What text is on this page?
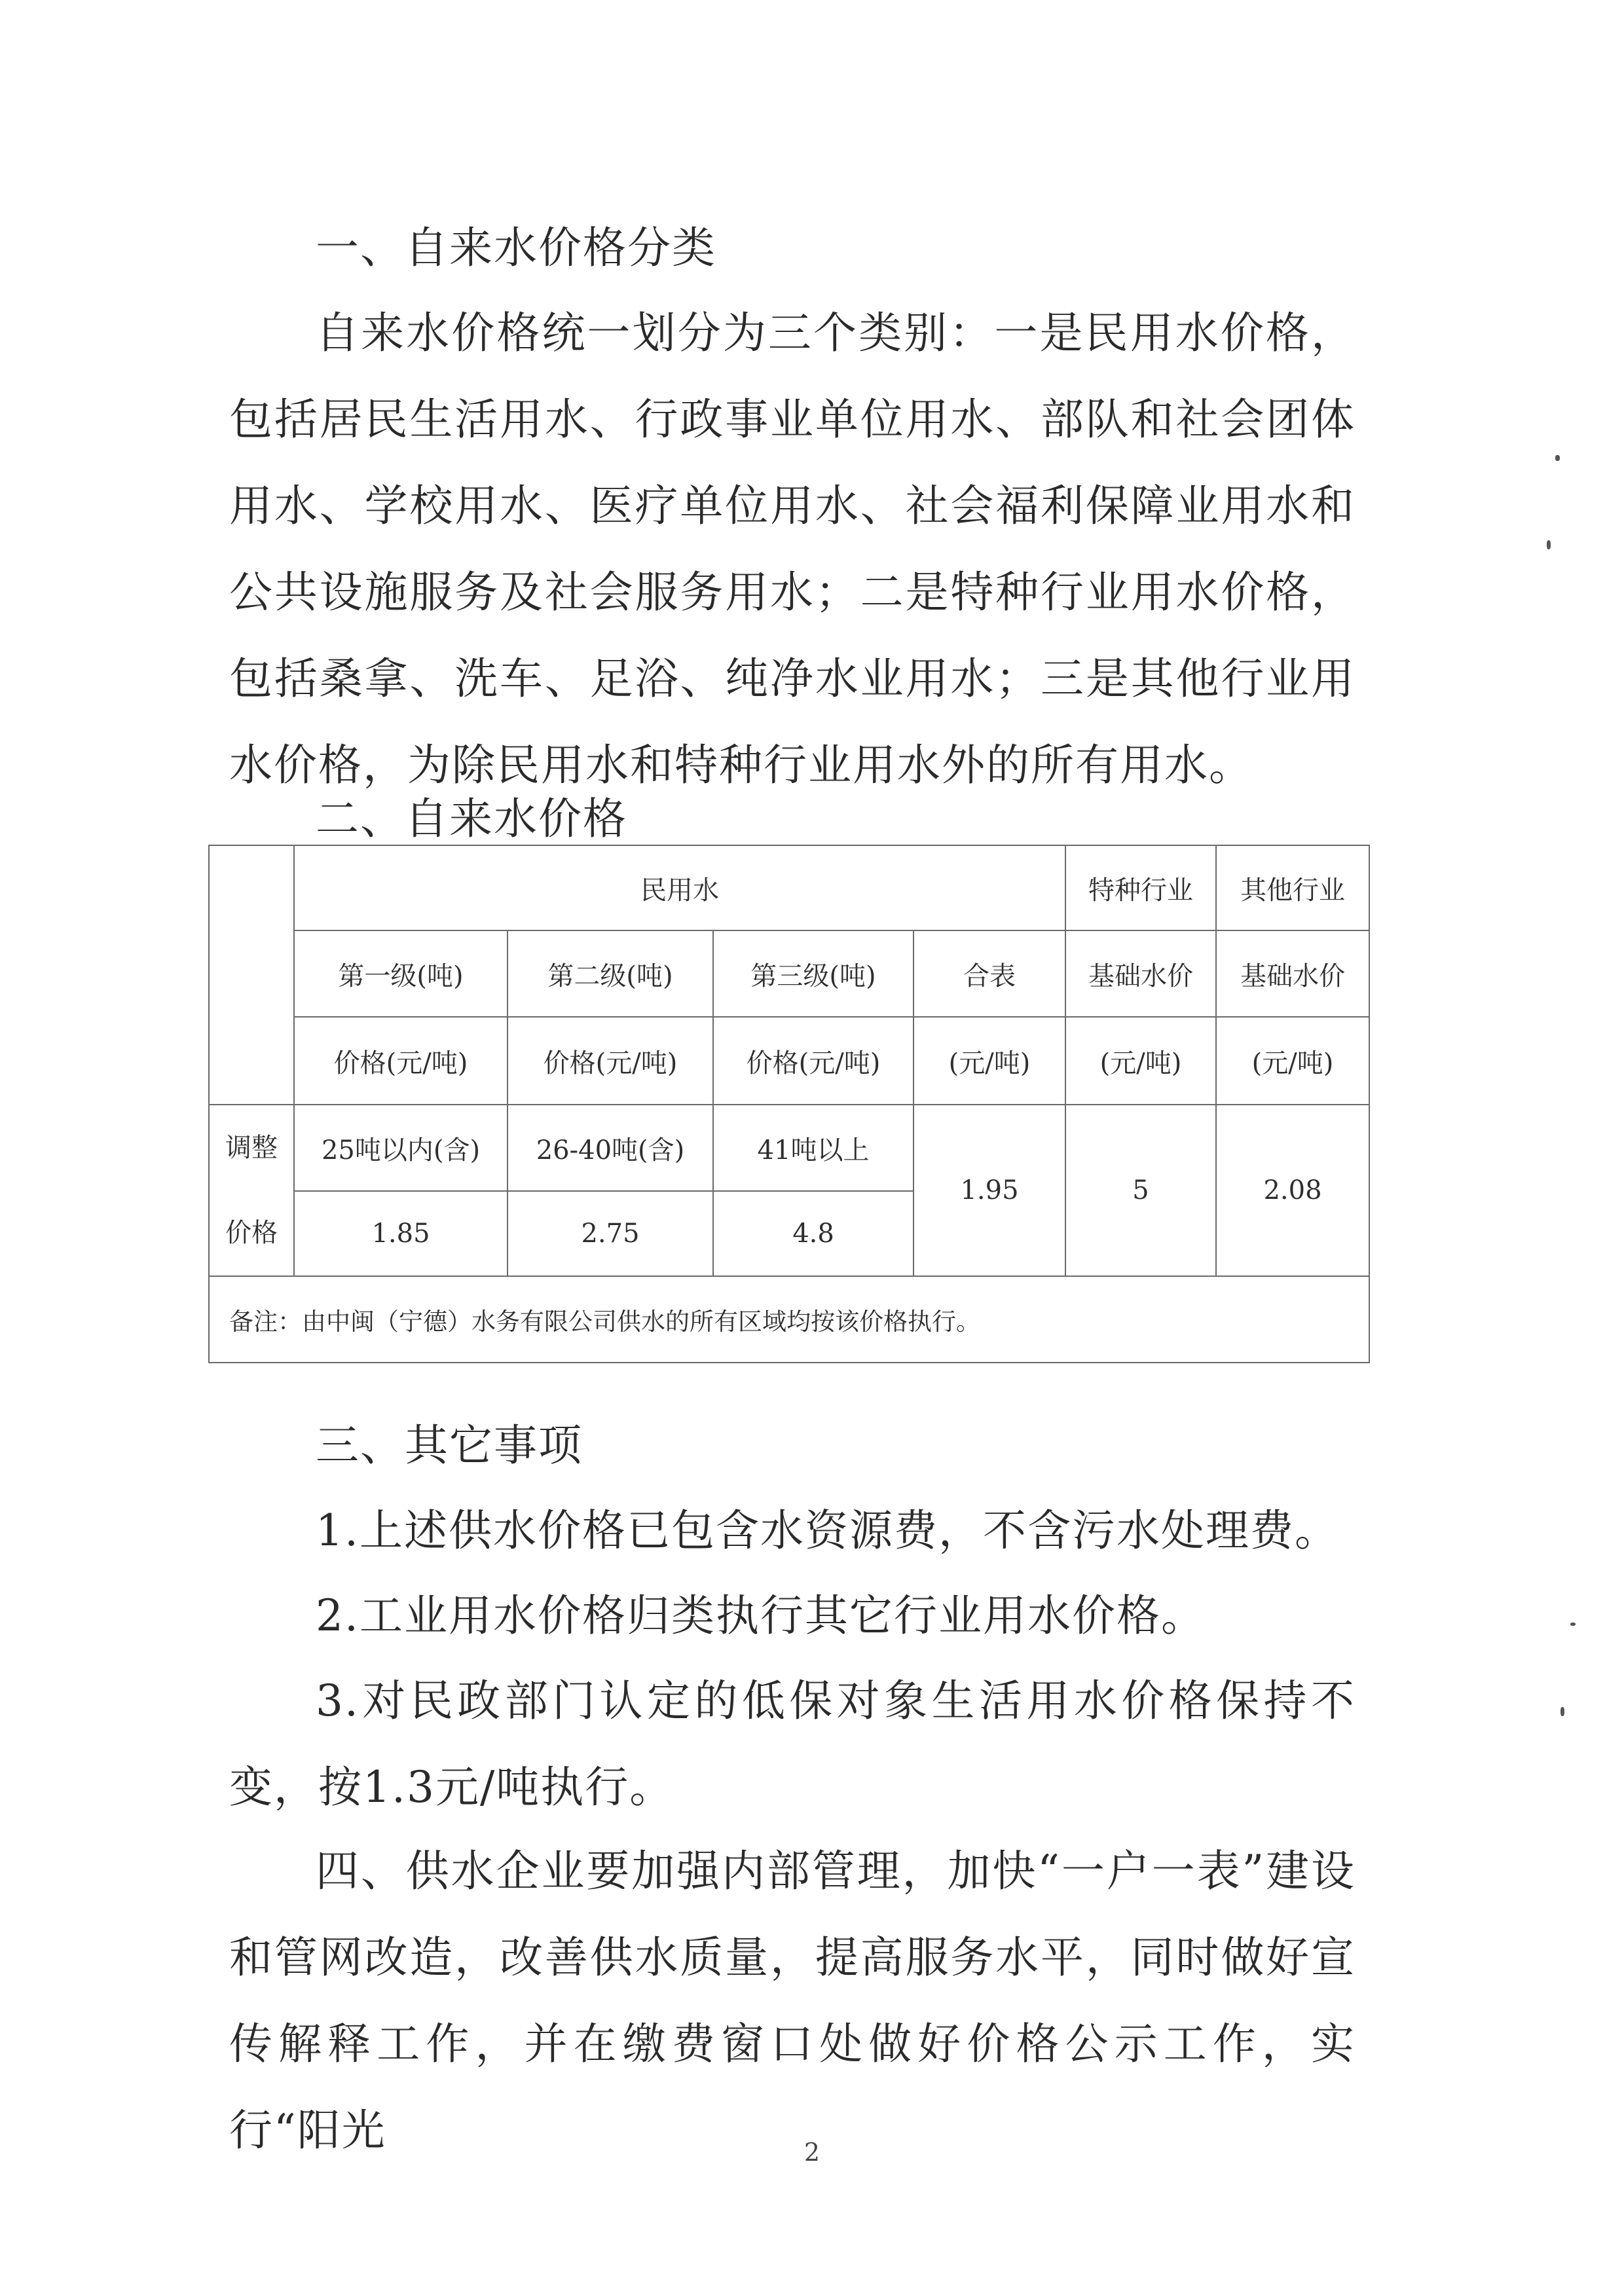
一、自来水价格分类
自来水价格统一划分为三个类别：一是民用水价格，包括居民生活用水、行政事业单位用水、部队和社会团体用水、学校用水、医疗单位用水、社会福利保障业用水和公共设施服务及社会服务用水；二是特种行业用水价格，包括桑拿、洗车、足浴、纯净水业用水；三是其他行业用水价格，为除民用水和特种行业用水外的所有用水。
二、自来水价格
	民用水				特种行业	其他行业
	第一级(吨)	第二级(吨)	第三级(吨)	合表	基础水价	基础水价
	价格(元/吨)	价格(元/吨)	价格(元/吨)	(元/吨)	(元/吨)	(元/吨)

调整
价格	25吨以内(含)	26-40吨(含)	41吨以上	1.95	5	2.08
	1.85	2.75	4.8			
备注：由中闽（宁德）水务有限公司供水的所有区域均按该价格执行。						
三、其它事项
1.上述供水价格已包含水资源费，不含污水处理费。
2.工业用水价格归类执行其它行业用水价格。
3.对民政部门认定的低保对象生活用水价格保持不变，按1.3元/吨执行。
四、供水企业要加强内部管理，加快“一户一表”建设和管网改造，改善供水质量，提高服务水平，同时做好宣传解释工作，并在缴费窗口处做好价格公示工作，实行“阳光	2
